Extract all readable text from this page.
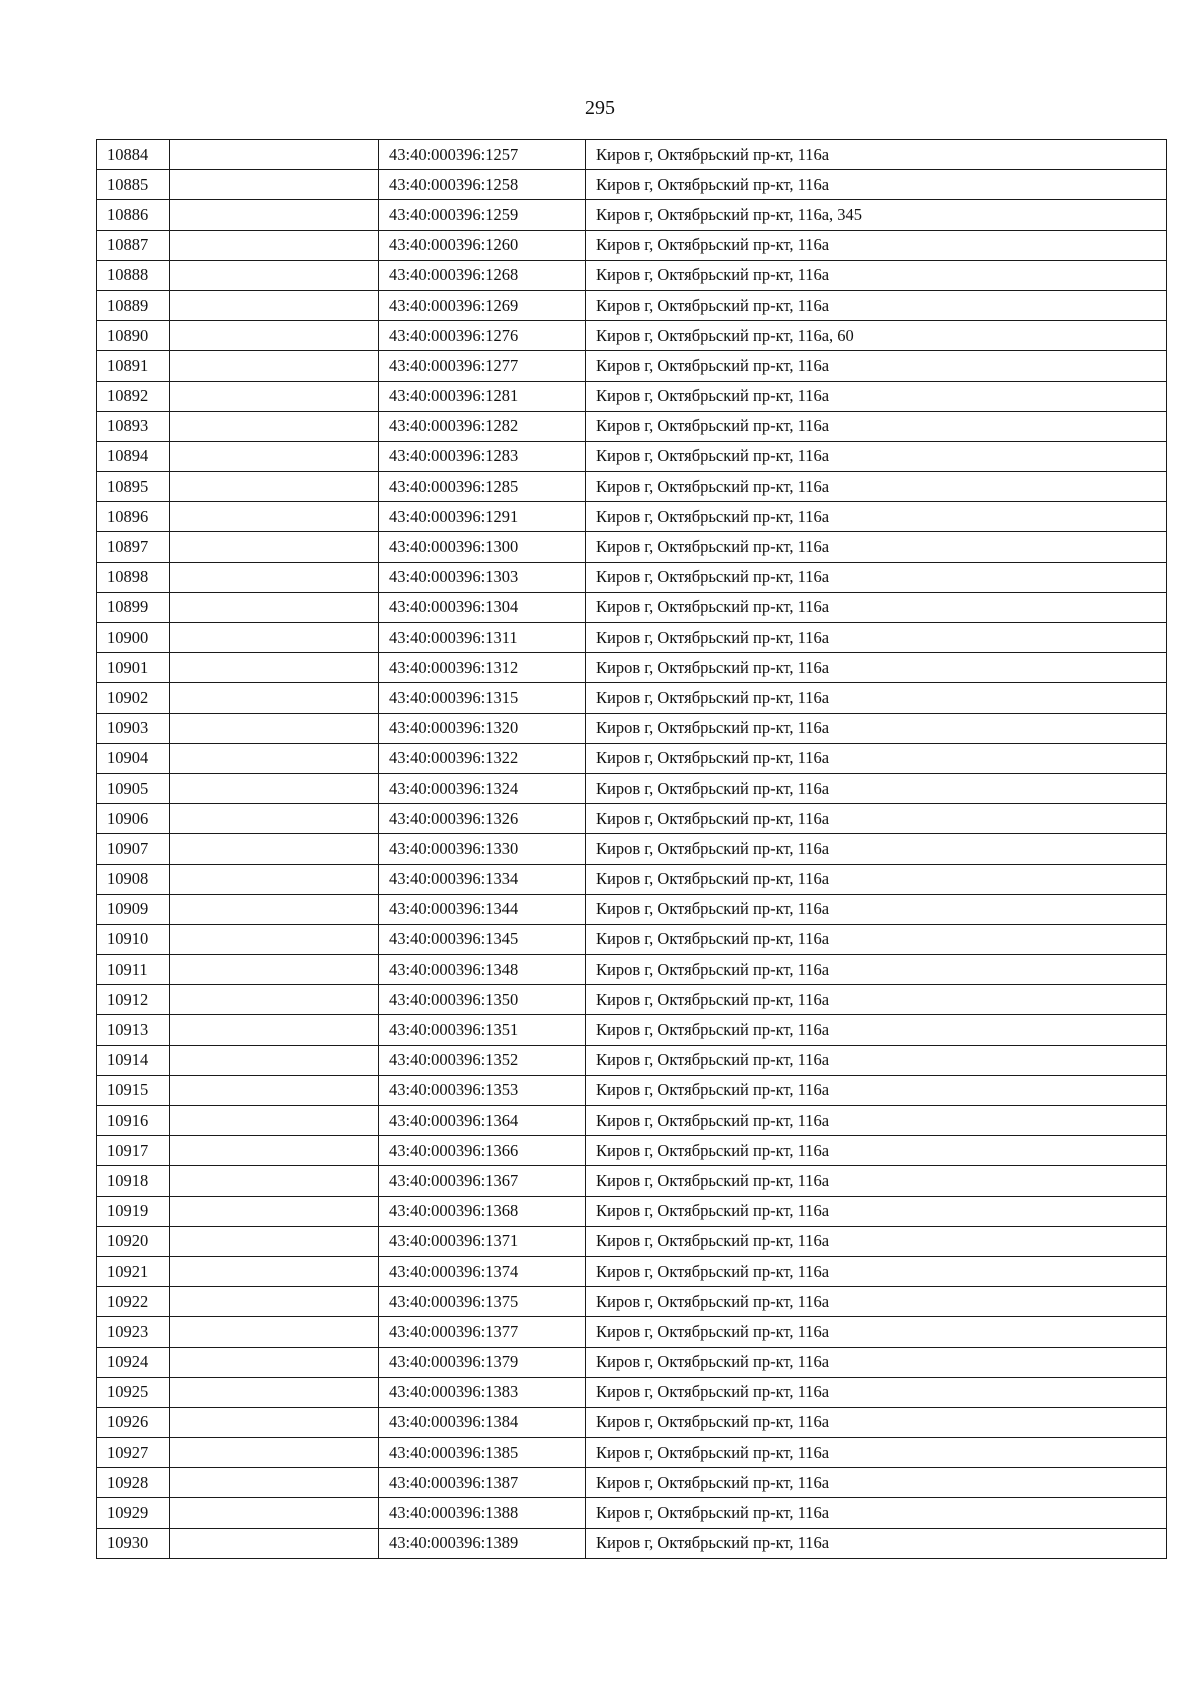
295
10884		43:40:000396:1257	Киров г, Октябрьский пр-кт, 116а
10885		43:40:000396:1258	Киров г, Октябрьский пр-кт, 116а
10886		43:40:000396:1259	Киров г, Октябрьский пр-кт, 116а, 345
10887		43:40:000396:1260	Киров г, Октябрьский пр-кт, 116а
10888		43:40:000396:1268	Киров г, Октябрьский пр-кт, 116а
10889		43:40:000396:1269	Киров г, Октябрьский пр-кт, 116а
10890		43:40:000396:1276	Киров г, Октябрьский пр-кт, 116а, 60
10891		43:40:000396:1277	Киров г, Октябрьский пр-кт, 116а
10892		43:40:000396:1281	Киров г, Октябрьский пр-кт, 116а
10893		43:40:000396:1282	Киров г, Октябрьский пр-кт, 116а
10894		43:40:000396:1283	Киров г, Октябрьский пр-кт, 116а
10895		43:40:000396:1285	Киров г, Октябрьский пр-кт, 116а
10896		43:40:000396:1291	Киров г, Октябрьский пр-кт, 116а
10897		43:40:000396:1300	Киров г, Октябрьский пр-кт, 116а
10898		43:40:000396:1303	Киров г, Октябрьский пр-кт, 116а
10899		43:40:000396:1304	Киров г, Октябрьский пр-кт, 116а
10900		43:40:000396:1311	Киров г, Октябрьский пр-кт, 116а
10901		43:40:000396:1312	Киров г, Октябрьский пр-кт, 116а
10902		43:40:000396:1315	Киров г, Октябрьский пр-кт, 116а
10903		43:40:000396:1320	Киров г, Октябрьский пр-кт, 116а
10904		43:40:000396:1322	Киров г, Октябрьский пр-кт, 116а
10905		43:40:000396:1324	Киров г, Октябрьский пр-кт, 116а
10906		43:40:000396:1326	Киров г, Октябрьский пр-кт, 116а
10907		43:40:000396:1330	Киров г, Октябрьский пр-кт, 116а
10908		43:40:000396:1334	Киров г, Октябрьский пр-кт, 116а
10909		43:40:000396:1344	Киров г, Октябрьский пр-кт, 116а
10910		43:40:000396:1345	Киров г, Октябрьский пр-кт, 116а
10911		43:40:000396:1348	Киров г, Октябрьский пр-кт, 116а
10912		43:40:000396:1350	Киров г, Октябрьский пр-кт, 116а
10913		43:40:000396:1351	Киров г, Октябрьский пр-кт, 116а
10914		43:40:000396:1352	Киров г, Октябрьский пр-кт, 116а
10915		43:40:000396:1353	Киров г, Октябрьский пр-кт, 116а
10916		43:40:000396:1364	Киров г, Октябрьский пр-кт, 116а
10917		43:40:000396:1366	Киров г, Октябрьский пр-кт, 116а
10918		43:40:000396:1367	Киров г, Октябрьский пр-кт, 116а
10919		43:40:000396:1368	Киров г, Октябрьский пр-кт, 116а
10920		43:40:000396:1371	Киров г, Октябрьский пр-кт, 116а
10921		43:40:000396:1374	Киров г, Октябрьский пр-кт, 116а
10922		43:40:000396:1375	Киров г, Октябрьский пр-кт, 116а
10923		43:40:000396:1377	Киров г, Октябрьский пр-кт, 116а
10924		43:40:000396:1379	Киров г, Октябрьский пр-кт, 116а
10925		43:40:000396:1383	Киров г, Октябрьский пр-кт, 116а
10926		43:40:000396:1384	Киров г, Октябрьский пр-кт, 116а
10927		43:40:000396:1385	Киров г, Октябрьский пр-кт, 116а
10928		43:40:000396:1387	Киров г, Октябрьский пр-кт, 116а
10929		43:40:000396:1388	Киров г, Октябрьский пр-кт, 116а
10930		43:40:000396:1389	Киров г, Октябрьский пр-кт, 116а
